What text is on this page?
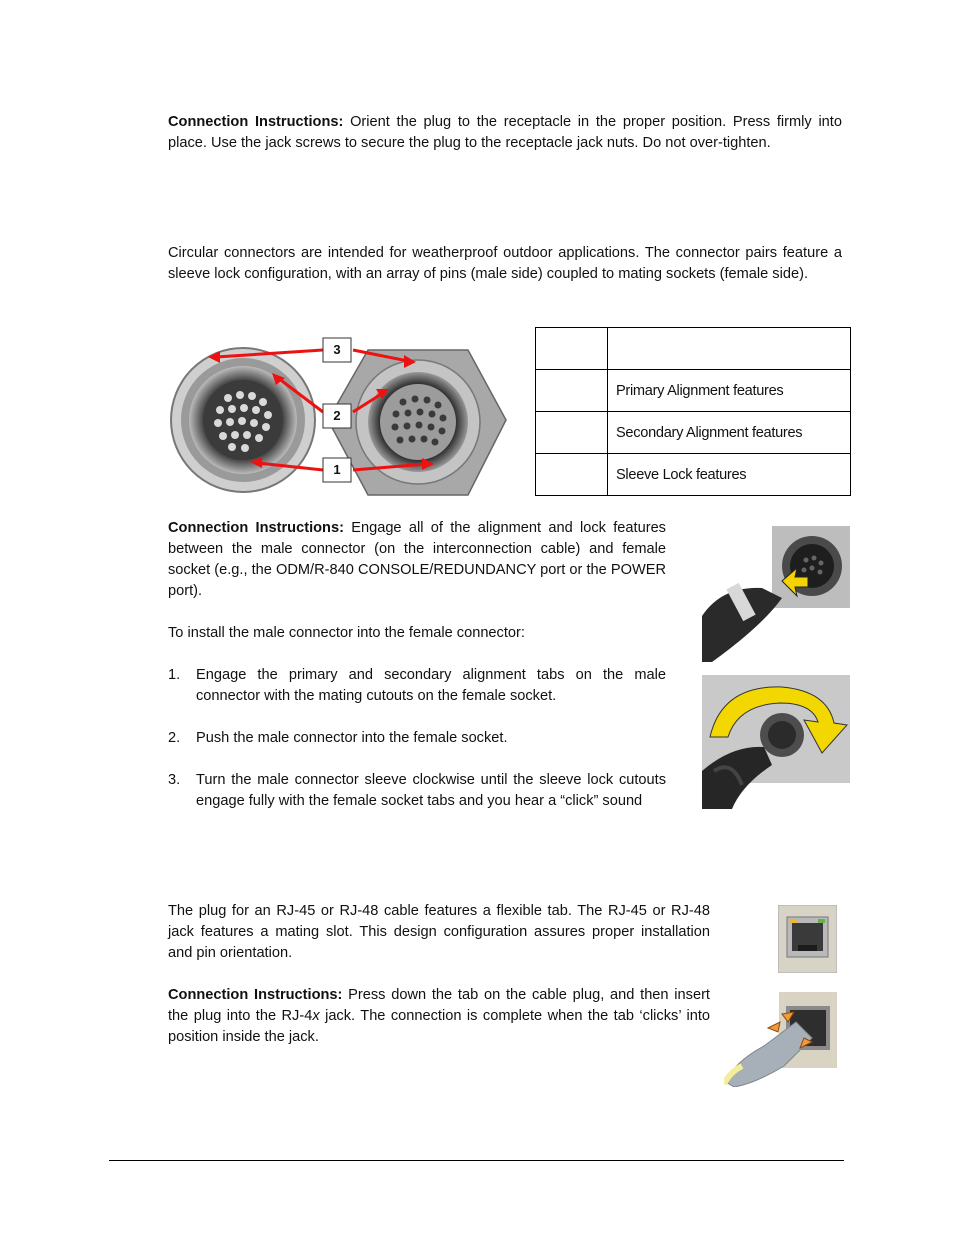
Connection Instructions: Orient the plug to the receptacle in the proper position. Press firmly into place. Use the jack screws to secure the plug to the receptacle jack nuts. Do not over-tighten.

Circular connectors are intended for weatherproof outdoor applications. The connector pairs feature a sleeve lock configuration, with an array of pins (male side) coupled to mating sockets (female side).

3
2
1

	Primary Alignment features
	Secondary Alignment features
	Sleeve Lock features

Connection Instructions: Engage all of the alignment and lock features between the male connector (on the interconnection cable) and female socket (e.g., the ODM/R-840 CONSOLE/REDUNDANCY port or the POWER port).

To install the male connector into the female connector:

1. Engage the primary and secondary alignment tabs on the male connector with the mating cutouts on the female socket.
2. Push the male connector into the female socket.
3. Turn the male connector sleeve clockwise until the sleeve lock cutouts engage fully with the female socket tabs and you hear a “click” sound

The plug for an RJ-45 or RJ-48 cable features a flexible tab. The RJ-45 or RJ-48 jack features a mating slot. This design configuration assures proper installation and pin orientation.

Connection Instructions: Press down the tab on the cable plug, and then insert the plug into the RJ-4x jack. The connection is complete when the tab ‘clicks’ into position inside the jack.
